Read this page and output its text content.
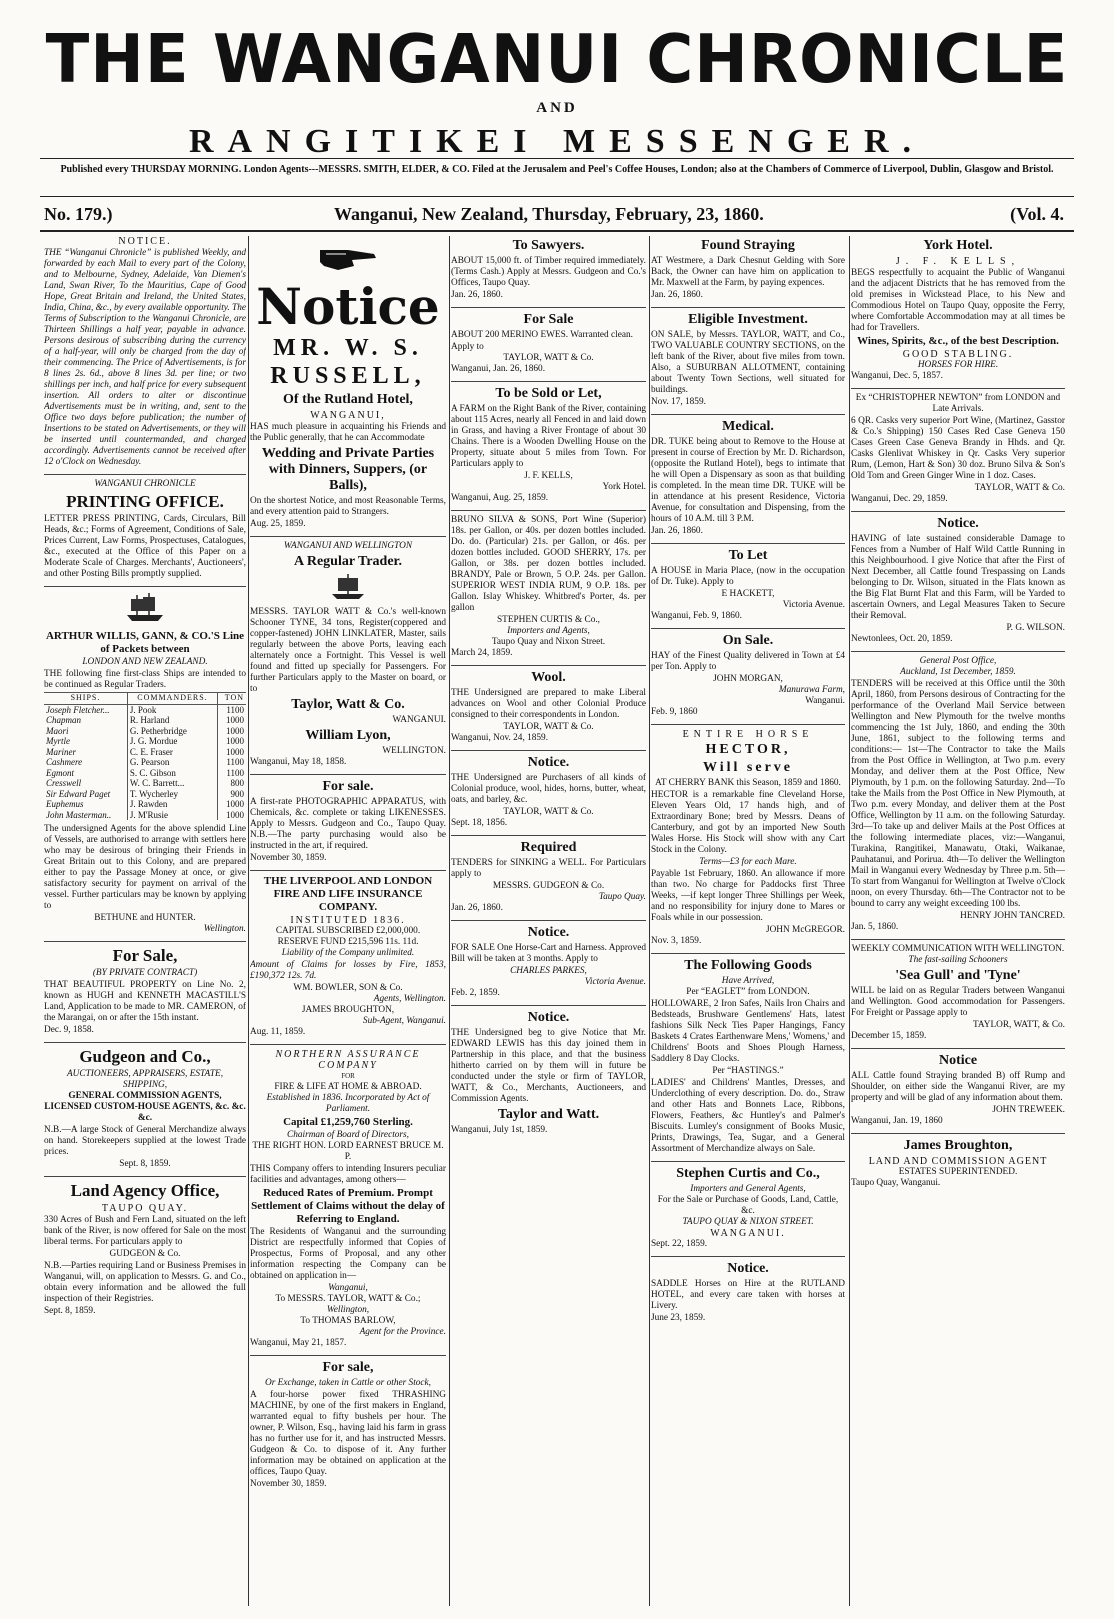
THE WANGANUI CHRONICLE
AND
RANGITIKEI MESSENGER.
Published every THURSDAY MORNING. London Agents---MESSRS. SMITH, ELDER, & CO. Filed at the Jerusalem and Peel's Coffee Houses, London; also at the Chambers of Commerce of Liverpool, Dublin, Glasgow and Bristol.
No. 179.)	Wanganui, New Zealand, Thursday, February, 23, 1860.	(Vol. 4.
NOTICE.
THE “Wanganui Chronicle” is published Weekly, and forwarded by each Mail to every part of the Colony, and to Melbourne, Sydney, Adelaide, Van Diemen's Land, Swan River, To the Mauritius, Cape of Good Hope, Great Britain and Ireland, the United States, India, China, &c., by every available opportunity. The Terms of Subscription to the Wanganui Chronicle, are Thirteen Shillings a half year, payable in advance. Persons desirous of subscribing during the currency of a half-year, will only be charged from the day of their commencing. The Price of Advertisements, is for 8 lines 2s. 6d., above 8 lines 3d. per line; or two shillings per inch, and half price for every subsequent insertion. All orders to alter or discontinue Advertisements must be in writing, and, sent to the Office two days before publication; the number of Insertions to be stated on Advertisements, or they will be inserted until countermanded, and charged accordingly. Advertisements cannot be received after 12 o'Clock on Wednesday.
WANGANUI CHRONICLE
PRINTING OFFICE.
LETTER PRESS PRINTING, Cards, Circulars, Bill Heads, &c.; Forms of Agreement, Conditions of Sale, Prices Current, Law Forms, Prospectuses, Catalogues, &c., executed at the Office of this Paper on a Moderate Scale of Charges. Merchants', Auctioneers', and other Posting Bills promptly supplied.
ARTHUR WILLIS, GANN, & CO.'S Line of Packets between
LONDON AND NEW ZEALAND.
THE following fine first-class Ships are intended to be continued as Regular Traders.
SHIPS.	COMMANDERS.	TON
Joseph Fletcher...	J. Pook	1100
Chapman	R. Harland	1000
Maori	G. Petherbridge	1000
Myrtle	J. G. Mordue	1000
Mariner	C. E. Fraser	1000
Cashmere	G. Pearson	1100
Egmont	S. C. Gibson	1100
Cresswell	W. C. Barrett...	800
Sir Edward Paget	T. Wycherley	900
Euphemus	J. Rawden	1000
John Masterman..	J. M'Rusie	1000
The undersigned Agents for the above splendid Line of Vessels, are authorised to arrange with settlers here who may be desirous of bringing their Friends in Great Britain out to this Colony, and are prepared either to pay the Passage Money at once, or give satisfactory security for payment on arrival of the vessel. Further particulars may be known by applying to
BETHUNE and HUNTER.
Wellington.
For Sale,
(BY PRIVATE CONTRACT)
THAT BEAUTIFUL PROPERTY on Line No. 2, known as HUGH and KENNETH MACASTILL'S Land, Application to be made to MR. CAMERON, of the Marangai, on or after the 15th instant.
Dec. 9, 1858.
Gudgeon and Co.,
AUCTIONEERS, APPRAISERS, ESTATE, SHIPPING,
GENERAL COMMISSION AGENTS, LICENSED CUSTOM-HOUSE AGENTS, &c. &c. &c.
N.B.—A large Stock of General Merchandize always on hand. Storekeepers supplied at the lowest Trade prices.
Sept. 8, 1859.
Land Agency Office,
TAUPO QUAY.
330 Acres of Bush and Fern Land, situated on the left bank of the River, is now offered for Sale on the most liberal terms. For particulars apply to
GUDGEON & Co.
N.B.—Parties requiring Land or Business Premises in Wanganui, will, on application to Messrs. G. and Co., obtain every information and be allowed the full inspection of their Registries.
Sept. 8, 1859.
Notice
MR. W. S. RUSSELL,
Of the Rutland Hotel,
WANGANUI,
HAS much pleasure in acquainting his Friends and the Public generally, that he can Accommodate
Wedding and Private Parties with Dinners, Suppers, (or Balls),
On the shortest Notice, and most Reasonable Terms, and every attention paid to Strangers.
Aug. 25, 1859.
WANGANUI AND WELLINGTON
A Regular Trader.
MESSRS. TAYLOR WATT & Co.'s well-known Schooner TYNE, 34 tons, Register(coppered and copper-fastened) JOHN LINKLATER, Master, sails regularly between the above Ports, leaving each alternately once a Fortnight. This Vessel is well found and fitted up specially for Passengers. For further Particulars apply to the Master on board, or to
Taylor, Watt & Co.
WANGANUI.
William Lyon,
WELLINGTON.
Wanganui, May 18, 1858.
For sale.
A first-rate PHOTOGRAPHIC APPARATUS, with Chemicals, &c. complete or taking LIKENESSES. Apply to Messrs. Gudgeon and Co., Taupo Quay. N.B.—The party purchasing would also be instructed in the art, if required.
November 30, 1859.
THE LIVERPOOL AND LONDON FIRE AND LIFE INSURANCE COMPANY.
INSTITUTED 1836.
CAPITAL SUBSCRIBED £2,000,000.
RESERVE FUND £215,596 11s. 11d.
Liability of the Company unlimited.
Amount of Claims for losses by Fire, 1853, £190,372 12s. 7d.
WM. BOWLER, SON & Co.
Agents, Wellington.
JAMES BROUGHTON,
Sub-Agent, Wanganui.
Aug. 11, 1859.
NORTHERN ASSURANCE COMPANY
FOR
FIRE & LIFE AT HOME & ABROAD.
Established in 1836. Incorporated by Act of Parliament.
Capital £1,259,760 Sterling.
Chairman of Board of Directors,
THE RIGHT HON. LORD EARNEST BRUCE M. P.
THIS Company offers to intending Insurers peculiar facilities and advantages, among others—
Reduced Rates of Premium. Prompt Settlement of Claims without the delay of Referring to England.
The Residents of Wanganui and the surrounding District are respectfully informed that Copies of Prospectus, Forms of Proposal, and any other information respecting the Company can be obtained on application in—
Wanganui,
To MESSRS. TAYLOR, WATT & Co.;
Wellington,
To THOMAS BARLOW,
Agent for the Province.
Wanganui, May 21, 1857.
For sale,
Or Exchange, taken in Cattle or other Stock,
A four-horse power fixed THRASHING MACHINE, by one of the first makers in England, warranted equal to fifty bushels per hour. The owner, P. Wilson, Esq., having laid his farm in grass has no further use for it, and has instructed Messrs. Gudgeon & Co. to dispose of it. Any further information may be obtained on application at the offices, Taupo Quay.
November 30, 1859.
To Sawyers.
ABOUT 15,000 ft. of Timber required immediately. (Terms Cash.) Apply at Messrs. Gudgeon and Co.'s Offices, Taupo Quay.
Jan. 26, 1860.
For Sale
ABOUT 200 MERINO EWES. Warranted clean.
Apply to
TAYLOR, WATT & Co.
Wanganui, Jan. 26, 1860.
To be Sold or Let,
A FARM on the Right Bank of the River, containing about 115 Acres, nearly all Fenced in and laid down in Grass, and having a River Frontage of about 30 Chains. There is a Wooden Dwelling House on the Property, situate about 5 miles from Town. For Particulars apply to
J. F. KELLS,
York Hotel.
Wanganui, Aug. 25, 1859.
BRUNO SILVA & SONS, Port Wine (Superior) 18s. per Gallon, or 40s. per dozen bottles included. Do. do. (Particular) 21s. per Gallon, or 46s. per dozen bottles included. GOOD SHERRY, 17s. per Gallon, or 38s. per dozen bottles included. BRANDY, Pale or Brown, 5 O.P. 24s. per Gallon. SUPERIOR WEST INDIA RUM, 9 O.P. 18s. per Gallon. Islay Whiskey. Whitbred's Porter, 4s. per gallon
STEPHEN CURTIS & Co.,
Importers and Agents,
Taupo Quay and Nixon Street.
March 24, 1859.
Wool.
THE Undersigned are prepared to make Liberal advances on Wool and other Colonial Produce consigned to their correspondents in London.
TAYLOR, WATT & Co.
Wanganui, Nov. 24, 1859.
Notice.
THE Undersigned are Purchasers of all kinds of Colonial produce, wool, hides, horns, butter, wheat, oats, and barley, &c.
TAYLOR, WATT & Co.
Sept. 18, 1856.
Required
TENDERS for SINKING a WELL. For Particulars apply to
MESSRS. GUDGEON & Co.
Taupo Quay.
Jan. 26, 1860.
Notice.
FOR SALE One Horse-Cart and Harness. Approved Bill will be taken at 3 months. Apply to
CHARLES PARKES,
Victoria Avenue.
Feb. 2, 1859.
Notice.
THE Undersigned beg to give Notice that Mr. EDWARD LEWIS has this day joined them in Partnership in this place, and that the business hitherto carried on by them will in future be conducted under the style or firm of TAYLOR, WATT, & Co., Merchants, Auctioneers, and Commission Agents.
Taylor and Watt.
Wanganui, July 1st, 1859.
Found Straying
AT Westmere, a Dark Chesnut Gelding with Sore Back, the Owner can have him on application to Mr. Maxwell at the Farm, by paying expences.
Jan. 26, 1860.
Eligible Investment.
ON SALE, by Messrs. TAYLOR, WATT, and Co., TWO VALUABLE COUNTRY SECTIONS, on the left bank of the River, about five miles from town. Also, a SUBURBAN ALLOTMENT, containing about Twenty Town Sections, well situated for buildings.
Nov. 17, 1859.
Medical.
DR. TUKE being about to Remove to the House at present in course of Erection by Mr. D. Richardson, (opposite the Rutland Hotel), begs to intimate that he will Open a Dispensary as soon as that building is completed. In the mean time DR. TUKE will be in attendance at his present Residence, Victoria Avenue, for consultation and Dispensing, from the hours of 10 A.M. till 3 P.M.
Jan. 26, 1860.
To Let
A HOUSE in Maria Place, (now in the occupation of Dr. Tuke). Apply to
E HACKETT,
Victoria Avenue.
Wanganui, Feb. 9, 1860.
On Sale.
HAY of the Finest Quality delivered in Town at £4 per Ton. Apply to
JOHN MORGAN,
Manurawa Farm,
Wanganui.
Feb. 9, 1860
ENTIRE HORSE
HECTOR,
Will serve
AT CHERRY BANK this Season, 1859 and 1860.
HECTOR is a remarkable fine Cleveland Horse, Eleven Years Old, 17 hands high, and of Extraordinary Bone; bred by Messrs. Deans of Canterbury, and got by an imported New South Wales Horse. His Stock will show with any Cart Stock in the Colony.
Terms—£3 for each Mare.
Payable 1st February, 1860. An allowance if more than two. No charge for Paddocks first Three Weeks, —if kept longer Three Shillings per Week, and no responsibility for injury done to Mares or Foals while in our possession.
JOHN McGREGOR.
Nov. 3, 1859.
The Following Goods
Have Arrived,
Per “EAGLET” from LONDON.
HOLLOWARE, 2 Iron Safes, Nails Iron Chairs and Bedsteads, Brushware Gentlemens' Hats, latest fashions Silk Neck Ties Paper Hangings, Fancy Baskets 4 Crates Earthenware Mens,' Womens,' and Childrens' Boots and Shoes Plough Harness, Saddlery 8 Day Clocks.
Per “HASTINGS.”
LADIES' and Childrens' Mantles, Dresses, and Underclothing of every description. Do. do., Straw and other Hats and Bonnets Lace, Ribbons, Flowers, Feathers, &c Huntley's and Palmer's Biscuits. Lumley's consignment of Books Music, Prints, Drawings, Tea, Sugar, and a General Assortment of Merchandize always on Sale.
Stephen Curtis and Co.,
Importers and General Agents,
For the Sale or Purchase of Goods, Land, Cattle, &c.
TAUPO QUAY & NIXON STREET.
WANGANUI.
Sept. 22, 1859.
Notice.
SADDLE Horses on Hire at the RUTLAND HOTEL, and every care taken with horses at Livery.
June 23, 1859.
York Hotel.
J. F. KELLS,
BEGS respectfully to acquaint the Public of Wanganui and the adjacent Districts that he has removed from the old premises in Wickstead Place, to his New and Commodious Hotel on Taupo Quay, opposite the Ferry, where Comfortable Accommodation may at all times be had for Travellers.
Wines, Spirits, &c., of the best Description.
GOOD STABLING.
HORSES FOR HIRE.
Wanganui, Dec. 5, 1857.
Ex “CHRISTOPHER NEWTON” from LONDON and Late Arrivals.
6 QR. Casks very superior Port Wine, (Martinez, Gasstor & Co.'s Shipping) 150 Cases Red Case Geneva 150 Cases Green Case Geneva Brandy in Hhds. and Qr. Casks Glenlivat Whiskey in Qr. Casks Very superior Rum, (Lemon, Hart & Son) 30 doz. Bruno Silva & Son's Old Tom and Green Ginger Wine in 1 doz. Cases.
TAYLOR, WATT & Co.
Wanganui, Dec. 29, 1859.
Notice.
HAVING of late sustained considerable Damage to Fences from a Number of Half Wild Cattle Running in this Neighbourhood. I give Notice that after the First of Next December, all Cattle found Trespassing on Lands belonging to Dr. Wilson, situated in the Flats known as the Big Flat Burnt Flat and this Farm, will be Yarded to ascertain Owners, and Legal Measures Taken to Secure their Removal.
P. G. WILSON.
Newtonlees, Oct. 20, 1859.
General Post Office,
Auckland, 1st December, 1859.
TENDERS will be received at this Office until the 30th April, 1860, from Persons desirous of Contracting for the performance of the Overland Mail Service between Wellington and New Plymouth for the twelve months commencing the 1st July, 1860, and ending the 30th June, 1861, subject to the following terms and conditions:— 1st—The Contractor to take the Mails from the Post Office in Wellington, at Two p.m. every Monday, and deliver them at the Post Office, New Plymouth, by 1 p.m. on the following Saturday. 2nd—To take the Mails from the Post Office in New Plymouth, at Two p.m. every Monday, and deliver them at the Post Office, Wellington by 11 a.m. on the following Saturday. 3rd—To take up and deliver Mails at the Post Offices at the following intermediate places, viz:—Wanganui, Turakina, Rangitikei, Manawatu, Otaki, Waikanae, Pauhatanui, and Porirua. 4th—To deliver the Wellington Mail in Wanganui every Wednesday by Three p.m. 5th—To start from Wanganui for Wellington at Twelve o'Clock noon, on every Thursday. 6th—The Contractor not to be bound to carry any weight exceeding 100 lbs.
HENRY JOHN TANCRED.
Jan. 5, 1860.
WEEKLY COMMUNICATION WITH WELLINGTON.
The fast-sailing Schooners
'Sea Gull' and 'Tyne'
WILL be laid on as Regular Traders between Wanganui and Wellington. Good accommodation for Passengers. For Freight or Passage apply to
TAYLOR, WATT, & Co.
December 15, 1859.
Notice
ALL Cattle found Straying branded B) off Rump and Shoulder, on either side the Wanganui River, are my property and will be glad of any information about them.
JOHN TREWEEK.
Wanganui, Jan. 19, 1860
James Broughton,
LAND AND COMMISSION AGENT
ESTATES SUPERINTENDED.
Taupo Quay, Wanganui.
